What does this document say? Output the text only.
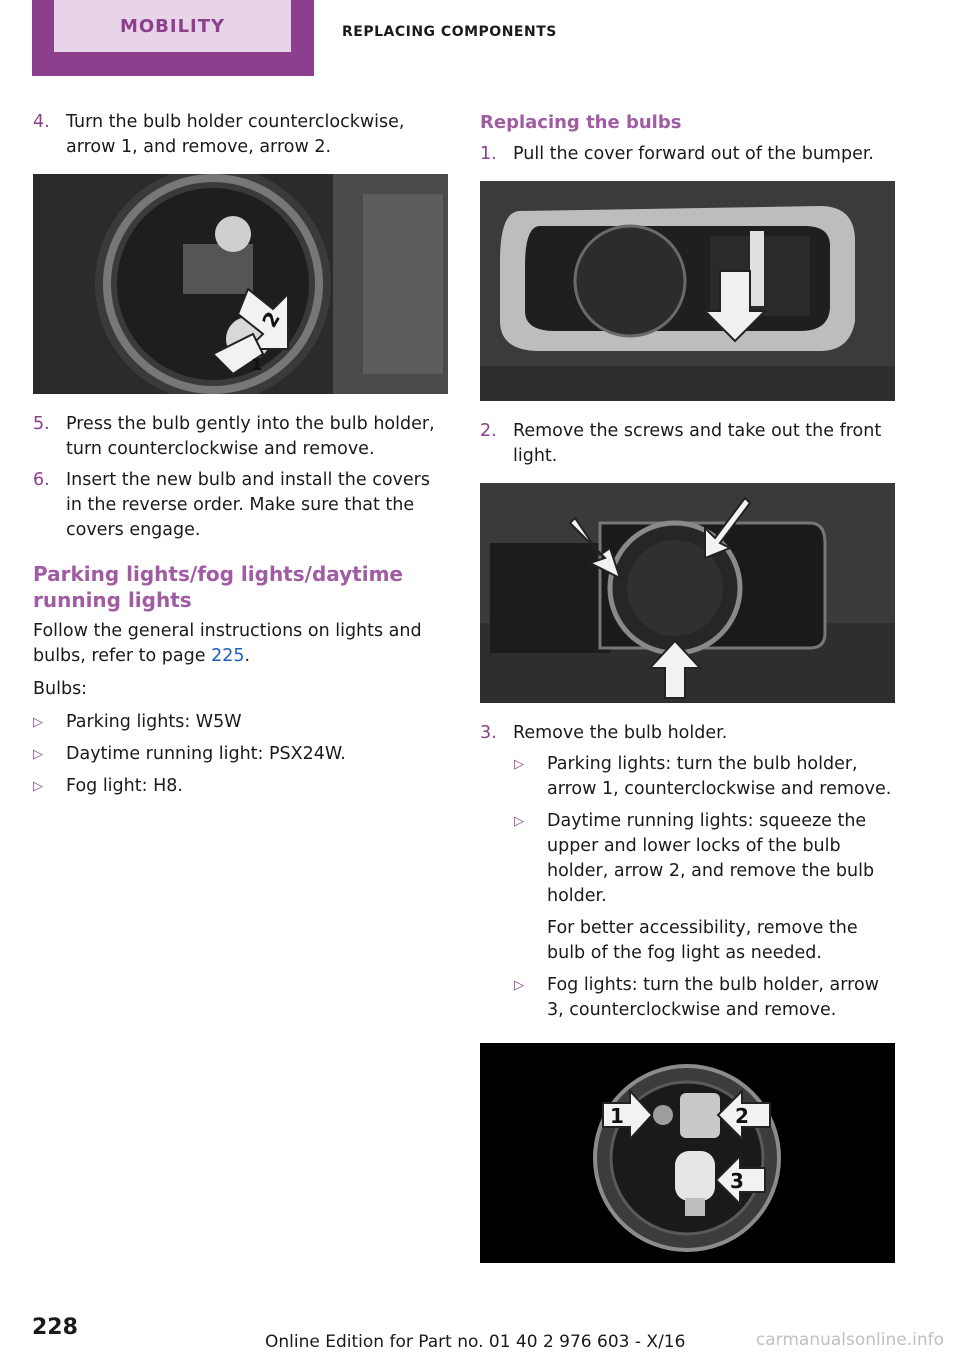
MOBILITY	REPLACING COMPONENTS
4. Turn the bulb holder counterclockwise, arrow 1, and remove, arrow 2.
2
1
5. Press the bulb gently into the bulb holder, turn counterclockwise and remove.
6. Insert the new bulb and install the covers in the reverse order. Make sure that the covers engage.
Parking lights/fog lights/daytime running lights

Follow the general instructions on lights and bulbs, refer to page 225.

Bulbs:

▷	Parking lights: W5W
▷	Daytime running light: PSX24W.
▷	Fog light: H8.
Replacing the bulbs
1. Pull the cover forward out of the bumper.
2. Remove the screws and take out the front light.
3. Remove the bulb holder.
▷	Parking lights: turn the bulb holder, arrow 1, counterclockwise and remove.
▷	Daytime running lights: squeeze the upper and lower locks of the bulb holder, arrow 2, and remove the bulb holder.
For better accessibility, remove the bulb of the fog light as needed.
▷	Fog lights: turn the bulb holder, arrow 3, counterclockwise and remove.
1	2
3
228
Online Edition for Part no. 01 40 2 976 603 - X/16	carmanualsonline.info
